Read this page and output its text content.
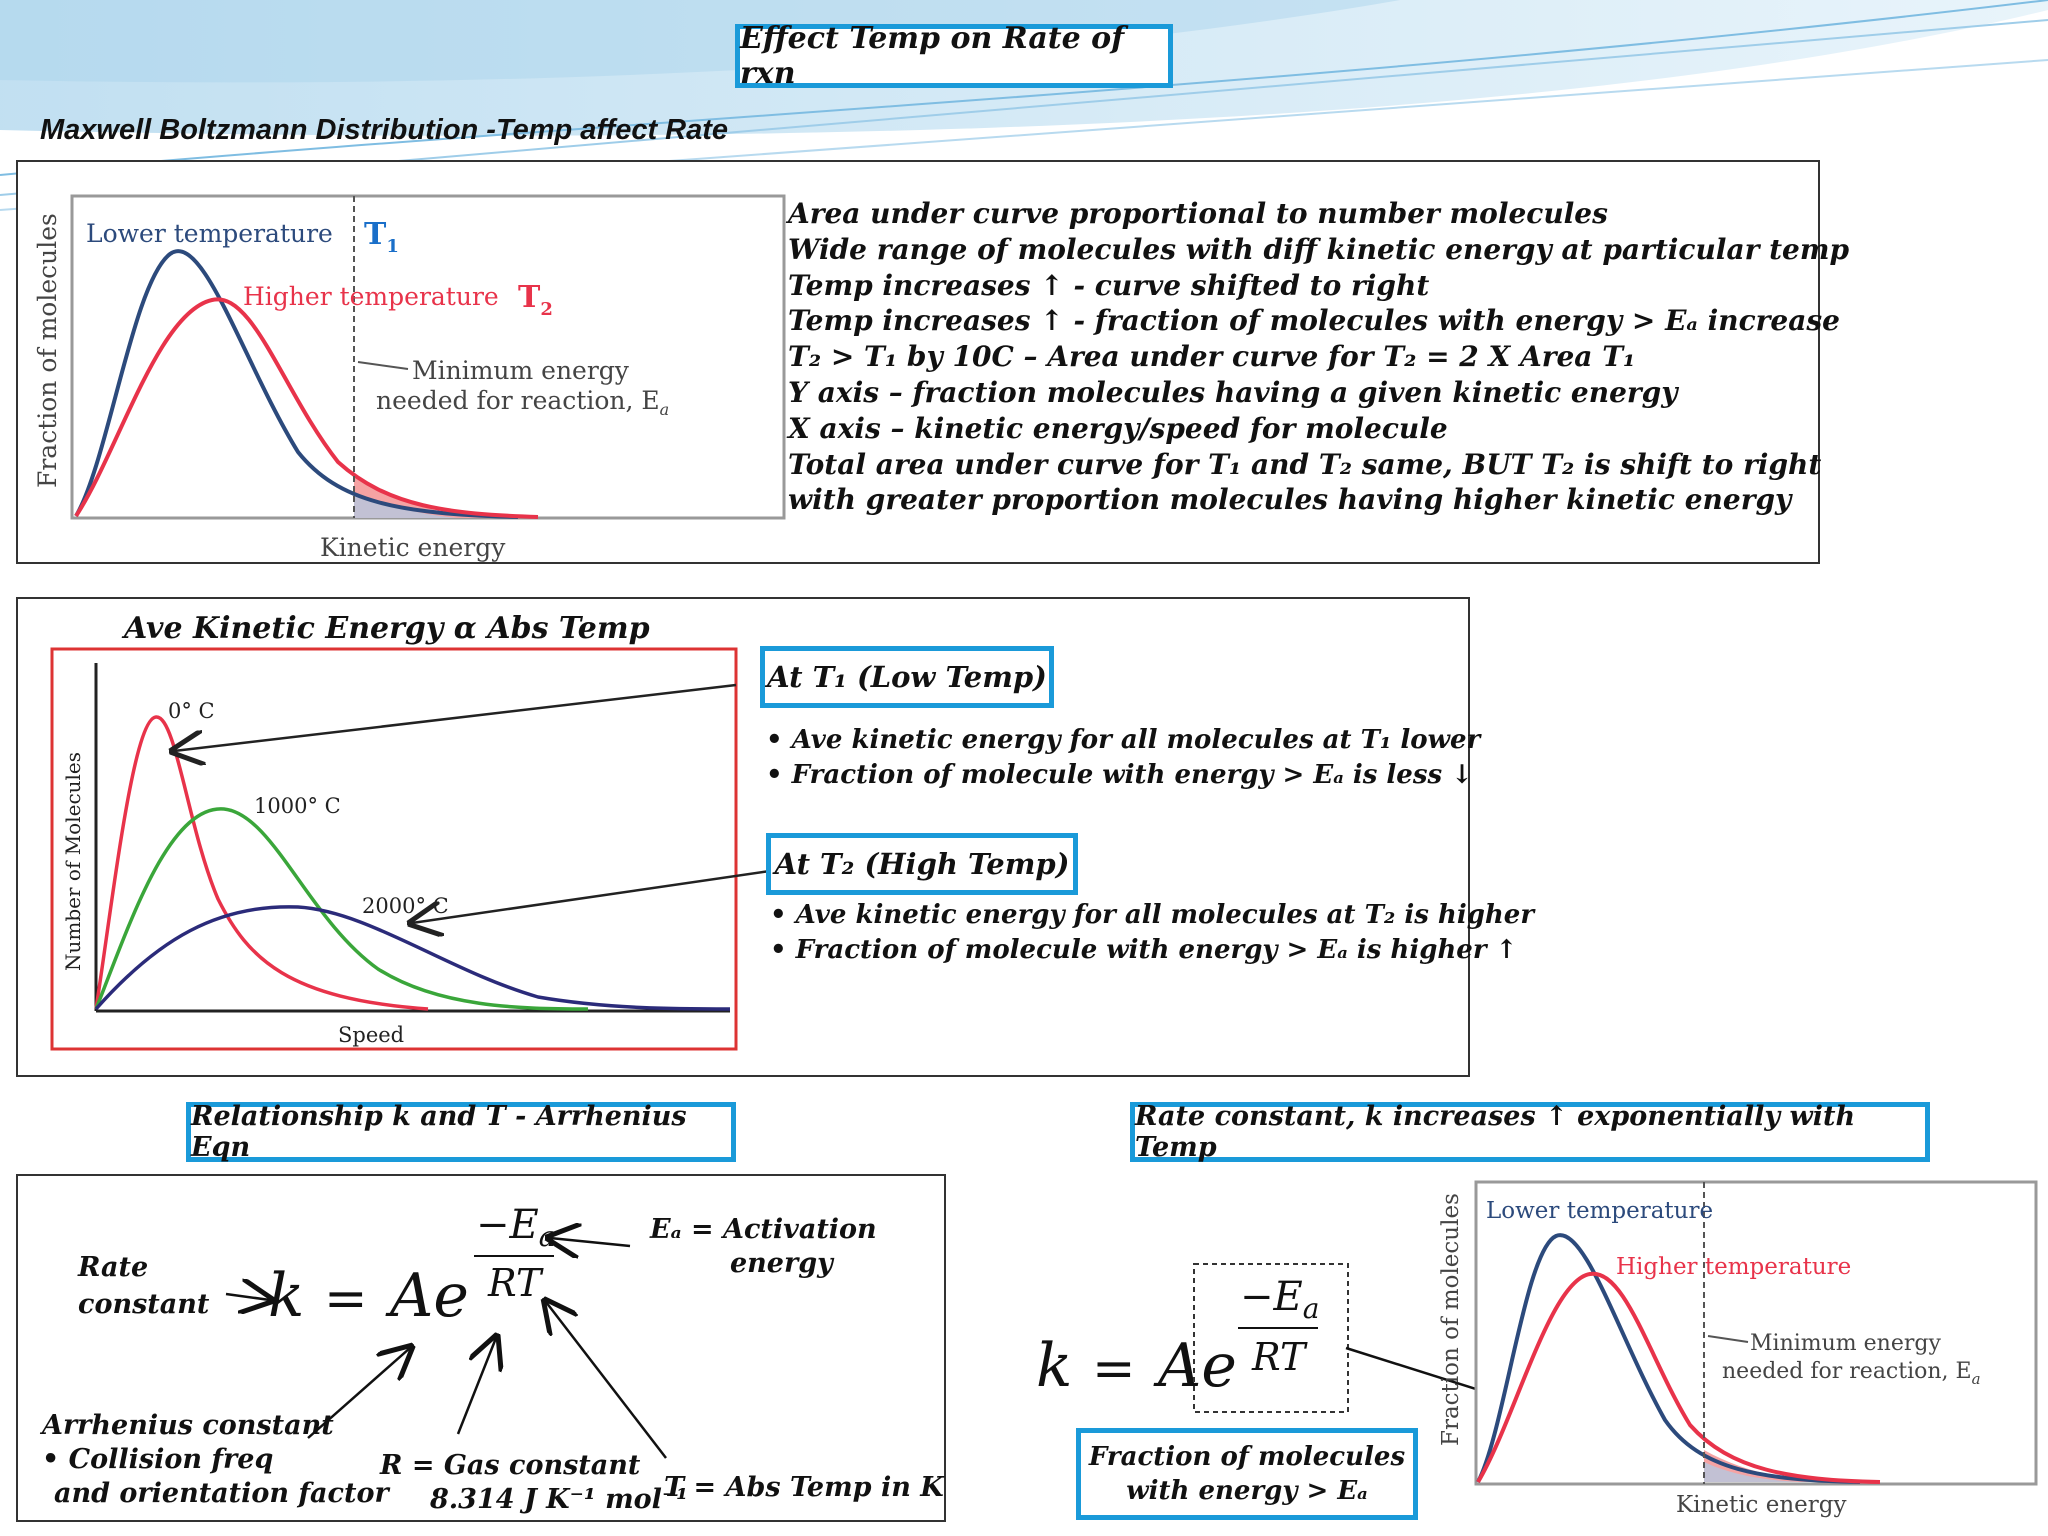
Effect Temp on Rate of rxn
Maxwell Boltzmann Distribution -Temp affect Rate
Lower temperature $T_1$
Higher temperature $T_2$
Minimum energy
needed for reaction, $E_a$
Kinetic energy
Fraction of molecules	Area under curve proportional to number molecules
Wide range of molecules with diff kinetic energy at particular temp
Temp increases ↑ - curve shifted to right
Temp increases ↑ - fraction of molecules with energy > Eₐ increase
T₂ > T₁ by 10C – Area under curve for T₂ = 2 X Area T₁
Y axis – fraction molecules having a given kinetic energy
X axis – kinetic energy/speed for molecule
Total area under curve for T₁ and T₂ same, BUT T₂ is shift to right
with greater proportion molecules having higher kinetic energy
Ave Kinetic Energy α Abs Temp
0° C
1000° C
2000° C
Speed
Number of Molecules
At T₁ (Low Temp)
• Ave kinetic energy for all molecules at T₁ lower
• Fraction of molecule with energy > Eₐ is less ↓
At T₂ (High Temp)
• Ave kinetic energy for all molecules at T₂ is higher
• Fraction of molecule with energy > Eₐ is higher ↑
Relationship k and T - Arrhenius Eqn
Rate
constant k = Ae
$-E_a$
RT
Eₐ = Activation
energy
Arrhenius constant
• Collision freq
and orientation factor
R = Gas constant
8.314 J K⁻¹ mol⁻¹
T = Abs Temp in K
Rate constant, k increases ↑ exponentially with Temp
k = Ae
$-E_a$
RT
Lower temperature
Higher temperature
Minimum energy
needed for reaction, $E_a$
Kinetic energy
Fraction of molecules
Fraction of molecules
with energy > Eₐ
